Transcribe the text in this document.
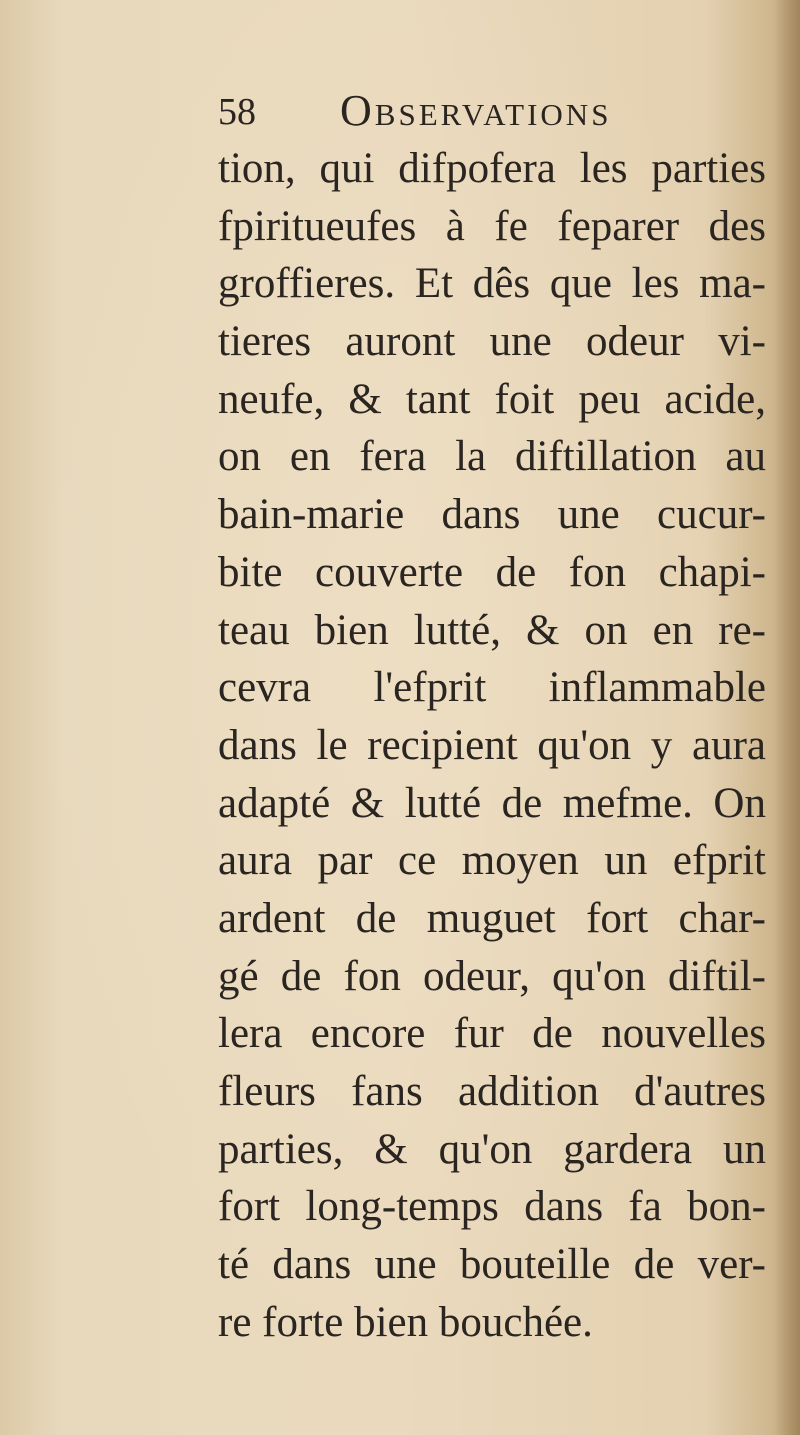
58 Observations
tion, qui difpofera les parties
fpiritueufes à fe feparer des
groffieres. Et dês que les ma-
tieres auront une odeur vi-
neufe, & tant foit peu acide,
on en fera la diftillation au
bain-marie dans une cucur-
bite couverte de fon chapi-
teau bien lutté, & on en re-
cevra l'efprit inflammable
dans le recipient qu'on y aura
adapté & lutté de mefme. On
aura par ce moyen un efprit
ardent de muguet fort char-
gé de fon odeur, qu'on diftil-
lera encore fur de nouvelles
fleurs fans addition d'autres
parties, & qu'on gardera un
fort long-temps dans fa bon-
té dans une bouteille de ver-
re forte bien bouchée.
